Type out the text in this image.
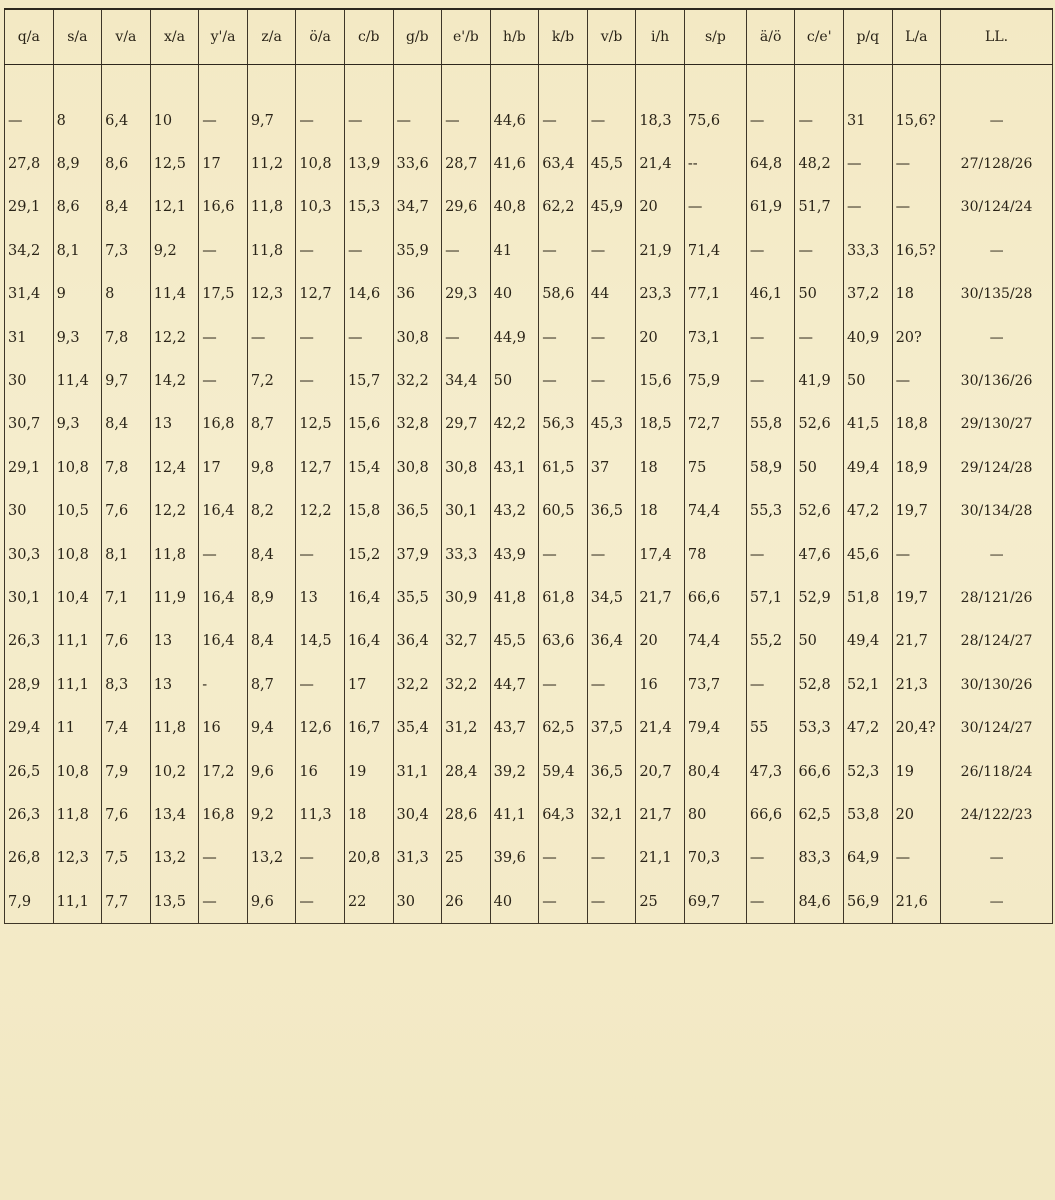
q/a	s/a	v/a	x/a	y'/a	z/a	ö/a	c/b	g/b	e'/b	h/b	k/b	v/b	i/h	s/p	ä/ö	c/e'	p/q	L/a	LL.

—	8	6,4	10	—	9,7	—	—	—	—	44,6	—	—	18,3	75,6	—	—	31	15,6?	—
27,8	8,9	8,6	12,5	17	11,2	10,8	13,9	33,6	28,7	41,6	63,4	45,5	21,4	--	64,8	48,2	—	—	27/128/26
29,1	8,6	8,4	12,1	16,6	11,8	10,3	15,3	34,7	29,6	40,8	62,2	45,9	20	—	61,9	51,7	—	—	30/124/24
34,2	8,1	7,3	9,2	—	11,8	—	—	35,9	—	41	—	—	21,9	71,4	—	—	33,3	16,5?	—
31,4	9	8	11,4	17,5	12,3	12,7	14,6	36	29,3	40	58,6	44	23,3	77,1	46,1	50	37,2	18	30/135/28
31	9,3	7,8	12,2	—	—	—	—	30,8	—	44,9	—	—	20	73,1	—	—	40,9	20?	—
30	11,4	9,7	14,2	—	7,2	—	15,7	32,2	34,4	50	—	—	15,6	75,9	—	41,9	50	—	30/136/26
30,7	9,3	8,4	13	16,8	8,7	12,5	15,6	32,8	29,7	42,2	56,3	45,3	18,5	72,7	55,8	52,6	41,5	18,8	29/130/27
29,1	10,8	7,8	12,4	17	9,8	12,7	15,4	30,8	30,8	43,1	61,5	37	18	75	58,9	50	49,4	18,9	29/124/28
30	10,5	7,6	12,2	16,4	8,2	12,2	15,8	36,5	30,1	43,2	60,5	36,5	18	74,4	55,3	52,6	47,2	19,7	30/134/28
30,3	10,8	8,1	11,8	—	8,4	—	15,2	37,9	33,3	43,9	—	—	17,4	78	—	47,6	45,6	—	—
30,1	10,4	7,1	11,9	16,4	8,9	13	16,4	35,5	30,9	41,8	61,8	34,5	21,7	66,6	57,1	52,9	51,8	19,7	28/121/26
26,3	11,1	7,6	13	16,4	8,4	14,5	16,4	36,4	32,7	45,5	63,6	36,4	20	74,4	55,2	50	49,4	21,7	28/124/27
28,9	11,1	8,3	13	-	8,7	—	17	32,2	32,2	44,7	—	—	16	73,7	—	52,8	52,1	21,3	30/130/26
29,4	11	7,4	11,8	16	9,4	12,6	16,7	35,4	31,2	43,7	62,5	37,5	21,4	79,4	55	53,3	47,2	20,4?	30/124/27
26,5	10,8	7,9	10,2	17,2	9,6	16	19	31,1	28,4	39,2	59,4	36,5	20,7	80,4	47,3	66,6	52,3	19	26/118/24
26,3	11,8	7,6	13,4	16,8	9,2	11,3	18	30,4	28,6	41,1	64,3	32,1	21,7	80	66,6	62,5	53,8	20	24/122/23
26,8	12,3	7,5	13,2	—	13,2	—	20,8	31,3	25	39,6	—	—	21,1	70,3	—	83,3	64,9	—	—
7,9	11,1	7,7	13,5	—	9,6	—	22	30	26	40	—	—	25	69,7	—	84,6	56,9	21,6	—
